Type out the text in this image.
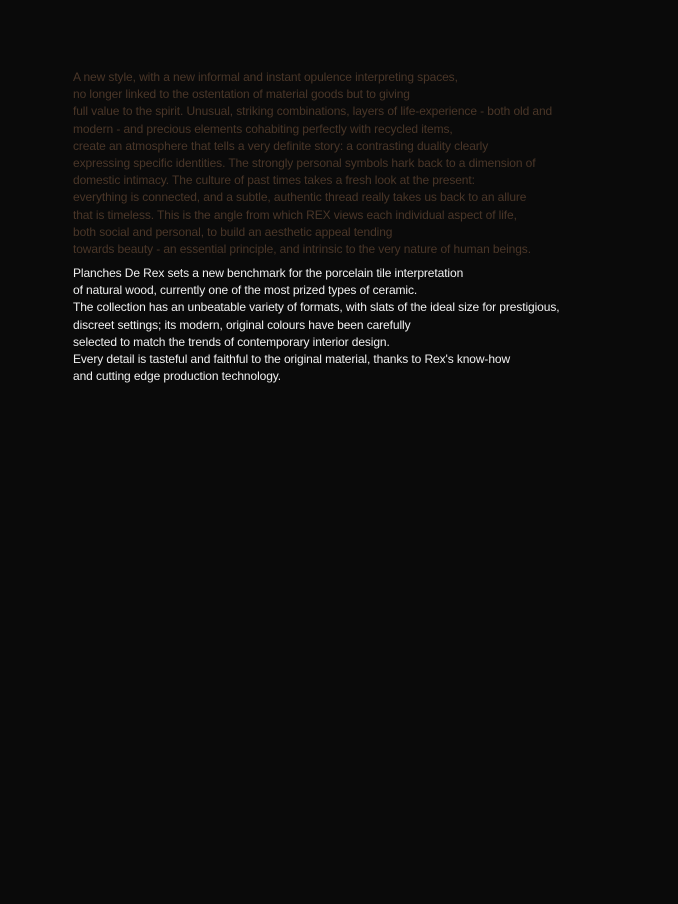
A new style, with a new informal and instant opulence interpreting spaces,
no longer linked to the ostentation of material goods but to giving
full value to the spirit. Unusual, striking combinations, layers of life-experience - both old and
modern - and precious elements cohabiting perfectly with recycled items,
create an atmosphere that tells a very definite story: a contrasting duality clearly
expressing specific identities. The strongly personal symbols hark back to a dimension of
domestic intimacy. The culture of past times takes a fresh look at the present:
everything is connected, and a subtle, authentic thread really takes us back to an allure
that is timeless. This is the angle from which REX views each individual aspect of life,
both social and personal, to build an aesthetic appeal tending
towards beauty - an essential principle, and intrinsic to the very nature of human beings.

Planches De Rex sets a new benchmark for the porcelain tile interpretation
of natural wood, currently one of the most prized types of ceramic.
The collection has an unbeatable variety of formats, with slats of the ideal size for prestigious,
discreet settings; its modern, original colours have been carefully
selected to match the trends of contemporary interior design.
Every detail is tasteful and faithful to the original material, thanks to Rex's know-how
and cutting edge production technology.
